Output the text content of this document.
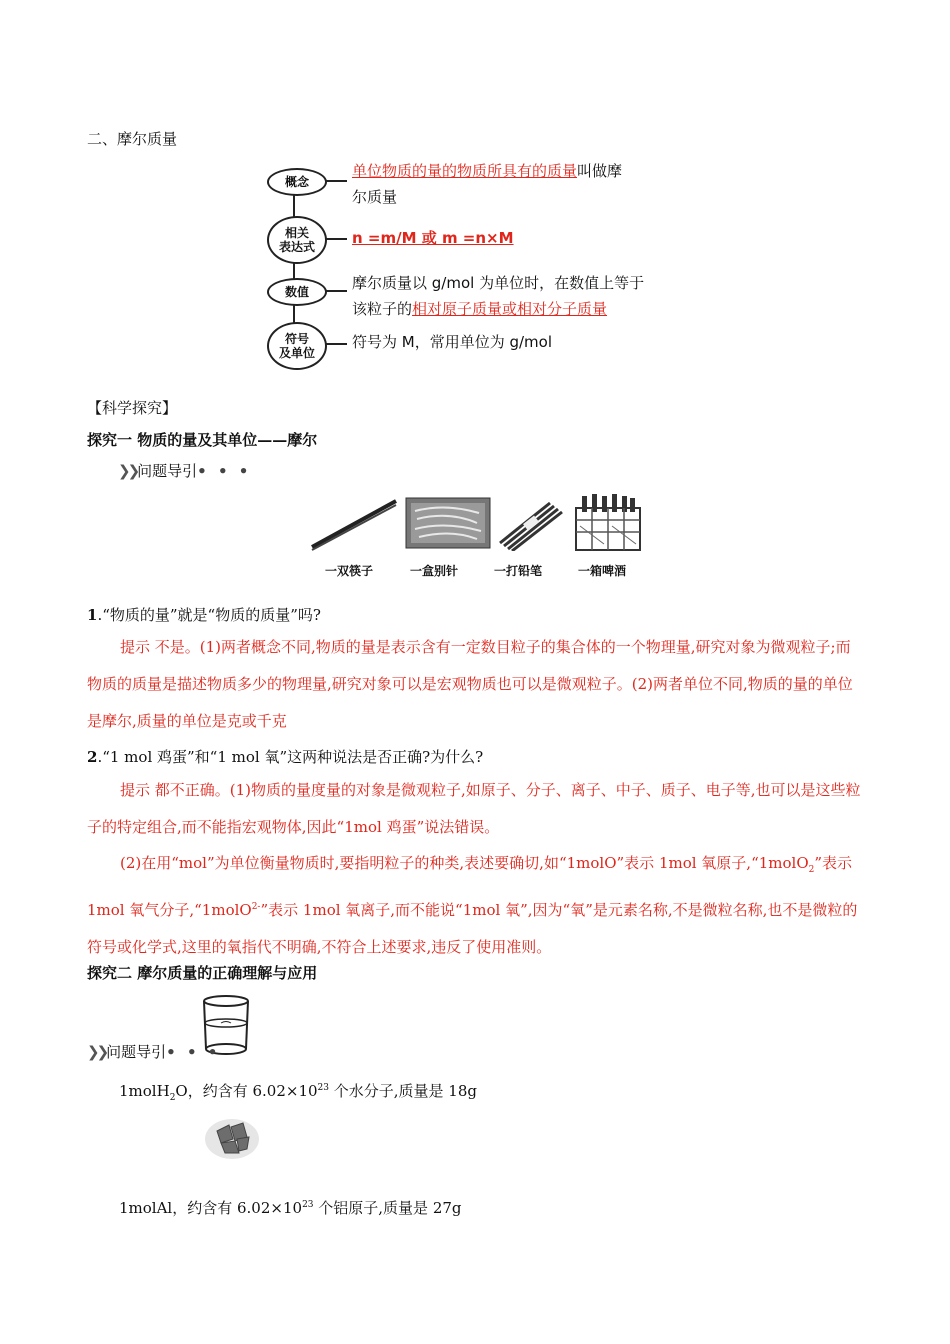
二、摩尔质量
概念
相关
表达式
数值
符号
及单位
单位物质的量的物质所具有的质量叫做摩
尔质量
n =m/M 或 m =n×M
摩尔质量以 g/mol 为单位时，在数值上等于
该粒子的相对原子质量或相对分子质量
符号为 M，常用单位为 g/mol
【科学探究】
探究一 物质的量及其单位——摩尔
❯❯问题导引• • •
一双筷子	一盒别针	一打铅笔	一箱啤酒
1.“物质的量”就是“物质的质量”吗?
提示 不是。(1)两者概念不同,物质的量是表示含有一定数目粒子的集合体的一个物理量,研究对象为微观粒子;而物质的质量是描述物质多少的物理量,研究对象可以是宏观物质也可以是微观粒子。(2)两者单位不同,物质的量的单位是摩尔,质量的单位是克或千克
2.“1 mol 鸡蛋”和“1 mol 氧”这两种说法是否正确?为什么?
提示 都不正确。(1)物质的量度量的对象是微观粒子,如原子、分子、离子、中子、质子、电子等,也可以是这些粒子的特定组合,而不能指宏观物体,因此“1mol 鸡蛋”说法错误。
(2)在用“mol”为单位衡量物质时,要指明粒子的种类,表述要确切,如“1molO”表示 1mol 氧原子,“1molO$_2$”表示 1mol 氧气分子,“1molO$^{2-}$”表示 1mol 氧离子,而不能说“1mol 氧”,因为“氧”是元素名称,不是微粒名称,也不是微粒的符号或化学式,这里的氧指代不明确,不符合上述要求,违反了使用准则。
探究二 摩尔质量的正确理解与应用
❯❯问题导引• • •
1molH$_2$O，约含有 $6.02\times 10^{23}$ 个水分子,质量是 18g
1molAl，约含有 $6.02\times 10^{23}$ 个铝原子,质量是 27g
